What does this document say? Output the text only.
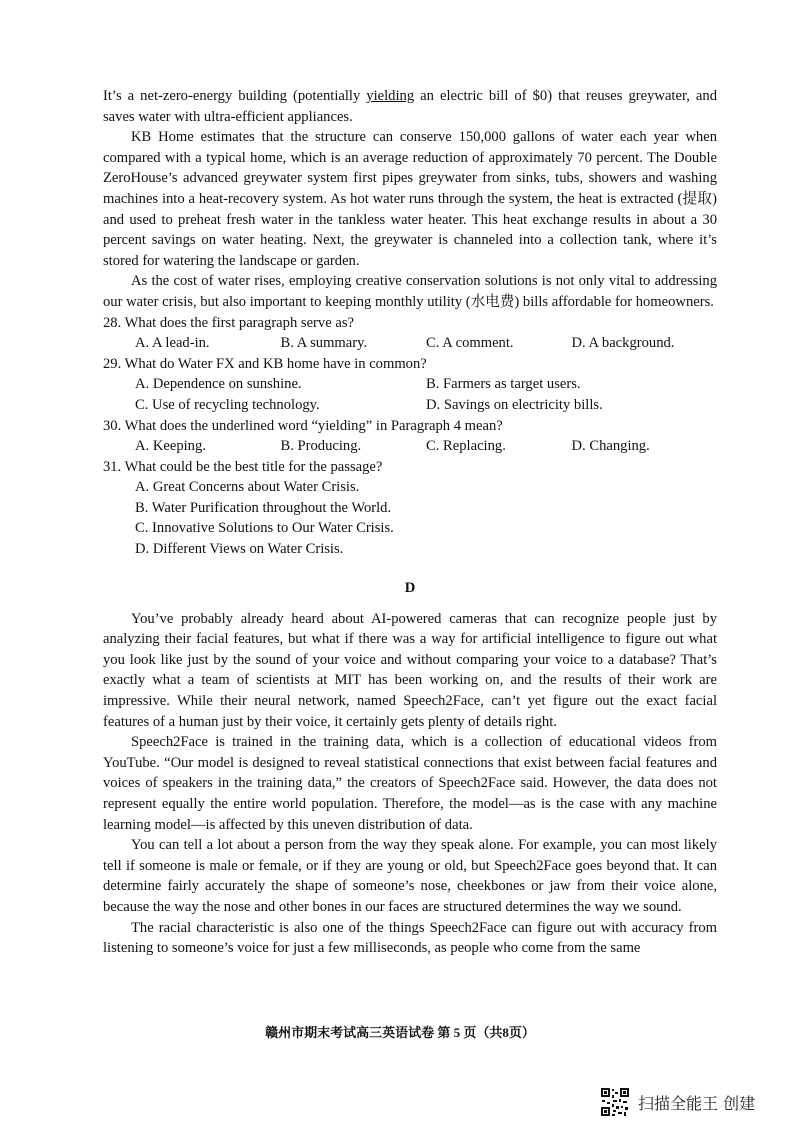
It’s a net-zero-energy building (potentially yielding an electric bill of $0) that reuses greywater, and saves water with ultra-efficient appliances.

KB Home estimates that the structure can conserve 150,000 gallons of water each year when compared with a typical home, which is an average reduction of approximately 70 percent. The Double ZeroHouse’s advanced greywater system first pipes greywater from sinks, tubs, showers and washing machines into a heat-recovery system. As hot water runs through the system, the heat is extracted (提取) and used to preheat fresh water in the tankless water heater. This heat exchange results in about a 30 percent savings on water heating. Next, the greywater is channeled into a collection tank, where it’s stored for watering the landscape or garden.

As the cost of water rises, employing creative conservation solutions is not only vital to addressing our water crisis, but also important to keeping monthly utility (水电费) bills affordable for homeowners.

28. What does the first paragraph serve as?
A. A lead-in.	B. A summary.	C. A comment.	D. A background.
29. What do Water FX and KB home have in common?
A. Dependence on sunshine.	B. Farmers as target users.
C. Use of recycling technology.	D. Savings on electricity bills.
30. What does the underlined word “yielding” in Paragraph 4 mean?
A. Keeping.	B. Producing.	C. Replacing.	D. Changing.
31. What could be the best title for the passage?
A. Great Concerns about Water Crisis.
B. Water Purification throughout the World.
C. Innovative Solutions to Our Water Crisis.
D. Different Views on Water Crisis.
D

You’ve probably already heard about AI-powered cameras that can recognize people just by analyzing their facial features, but what if there was a way for artificial intelligence to figure out what you look like just by the sound of your voice and without comparing your voice to a database? That’s exactly what a team of scientists at MIT has been working on, and the results of their work are impressive. While their neural network, named Speech2Face, can’t yet figure out the exact facial features of a human just by their voice, it certainly gets plenty of details right.

Speech2Face is trained in the training data, which is a collection of educational videos from YouTube. “Our model is designed to reveal statistical connections that exist between facial features and voices of speakers in the training data,” the creators of Speech2Face said. However, the data does not represent equally the entire world population. Therefore, the model—as is the case with any machine learning model—is affected by this uneven distribution of data.

You can tell a lot about a person from the way they speak alone. For example, you can most likely tell if someone is male or female, or if they are young or old, but Speech2Face goes beyond that. It can determine fairly accurately the shape of someone’s nose, cheekbones or jaw from their voice alone, because the way the nose and other bones in our faces are structured determines the way we sound.

The racial characteristic is also one of the things Speech2Face can figure out with accuracy from listening to someone’s voice for just a few milliseconds, as people who come from the same

赣州市期末考试高三英语试卷 第 5 页（共8页）
扫描全能王 创建
